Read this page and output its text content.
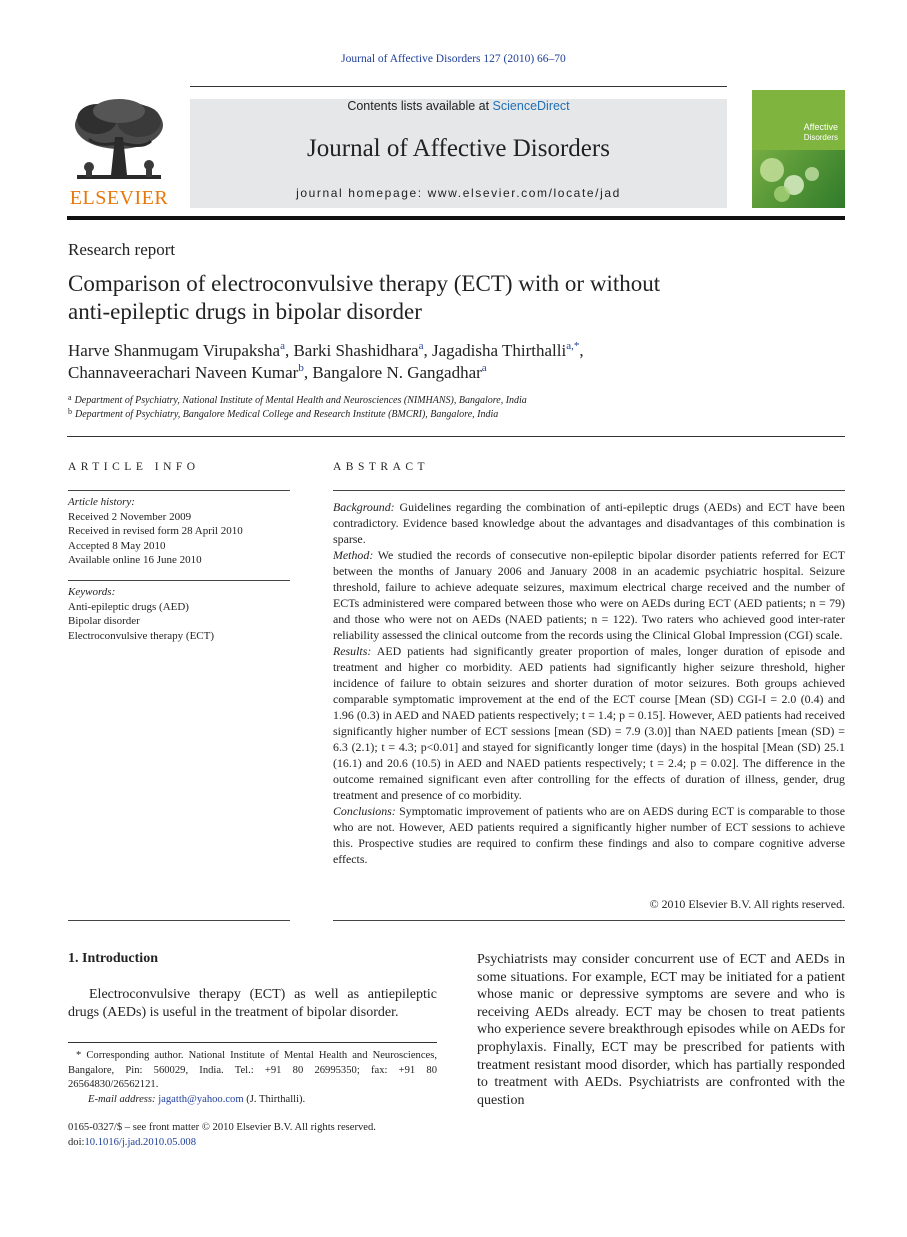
Journal of Affective Disorders 127 (2010) 66–70
ELSEVIER
Contents lists available at ScienceDirect
Journal of Affective Disorders
journal homepage: www.elsevier.com/locate/jad
Affective
Disorders
Research report
Comparison of electroconvulsive therapy (ECT) with or without
anti-epileptic drugs in bipolar disorder
Harve Shanmugam Virupaksha$^a$, Barki Shashidhara$^a$, Jagadisha Thirthalli$^{a,*}$,
Channaveerachari Naveen Kumar$^b$, Bangalore N. Gangadhar$^a$
$^a$ Department of Psychiatry, National Institute of Mental Health and Neurosciences (NIMHANS), Bangalore, India
$^b$ Department of Psychiatry, Bangalore Medical College and Research Institute (BMCRI), Bangalore, India
ARTICLE INFO	ABSTRACT
Article history:
Received 2 November 2009
Received in revised form 28 April 2010
Accepted 8 May 2010
Available online 16 June 2010
Keywords:
Anti-epileptic drugs (AED)
Bipolar disorder
Electroconvulsive therapy (ECT)

Background: Guidelines regarding the combination of anti-epileptic drugs (AEDs) and ECT have been contradictory. Evidence based knowledge about the advantages and disadvantages of this combination is sparse.

Method: We studied the records of consecutive non-epileptic bipolar disorder patients referred for ECT between the months of January 2006 and January 2008 in an academic psychiatric hospital. Seizure threshold, failure to achieve adequate seizures, maximum electrical charge received and the number of ECTs administered were compared between those who were on AEDs during ECT (AED patients; n = 79) and those who were not on AEDs (NAED patients; n = 122). Two raters who achieved good inter-rater reliability assessed the clinical outcome from the records using the Clinical Global Impression (CGI) scale.

Results: AED patients had significantly greater proportion of males, longer duration of episode and treatment and higher co morbidity. AED patients had significantly higher seizure threshold, higher incidence of failure to obtain seizures and shorter duration of motor seizures. Both groups achieved comparable symptomatic improvement at the end of the ECT course [Mean (SD) CGI-I = 2.0 (0.4) and 1.96 (0.3) in AED and NAED patients respectively; t = 1.4; p = 0.15]. However, AED patients had received significantly higher number of ECT sessions [mean (SD) = 7.9 (3.0)] than NAED patients [mean (SD) = 6.3 (2.1); t = 4.3; p<0.01] and stayed for significantly longer time (days) in the hospital [Mean (SD) 25.1 (16.1) and 20.6 (10.5) in AED and NAED patients respectively; t = 2.4; p = 0.02]. The difference in the outcome remained significant even after controlling for the effects of duration of illness, gender, drug treatment and presence of co morbidity.

Conclusions: Symptomatic improvement of patients who are on AEDS during ECT is comparable to those who are not. However, AED patients required a significantly higher number of ECT sessions to achieve this. Prospective studies are required to confirm these findings and also to compare cognitive adverse effects.

© 2010 Elsevier B.V. All rights reserved.
1. Introduction
Electroconvulsive therapy (ECT) as well as antiepileptic drugs (AEDs) is useful in the treatment of bipolar disorder.
Psychiatrists may consider concurrent use of ECT and AEDs in some situations. For example, ECT may be initiated for a patient whose manic or depressive symptoms are severe and who is receiving AEDs already. ECT may be chosen to treat patients who experience severe breakthrough episodes while on AEDs for prophylaxis. Finally, ECT may be prescribed for patients with treatment resistant mood disorder, which has partially responded to treatment with AEDs. Psychiatrists are confronted with the question
* Corresponding author. National Institute of Mental Health and Neurosciences, Bangalore, Pin: 560029, India. Tel.: +91 80 26995350; fax: +91 80 26564830/26562121.
E-mail address: jagatth@yahoo.com (J. Thirthalli).
0165-0327/$ – see front matter © 2010 Elsevier B.V. All rights reserved.
doi:10.1016/j.jad.2010.05.008
